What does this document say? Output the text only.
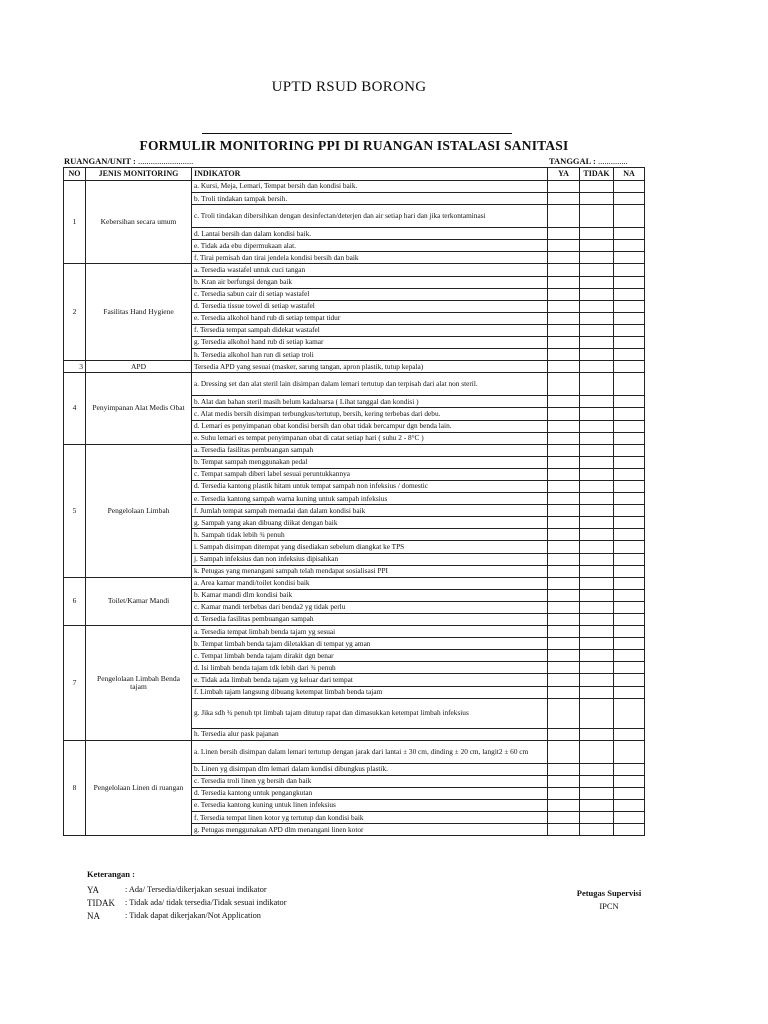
UPTD RSUD BORONG
FORMULIR MONITORING PPI DI RUANGAN ISTALASI SANITASI
RUANGAN/UNIT : ..........................	TANGGAL : ..............
NO	JENIS MONITORING	INDIKATOR	YA	TIDAK	NA
1	Kebersihan secara umum	a. Kursi, Meja, Lemari, Tempat bersih dan kondisi baik.			
		b. Troli tindakan tampak bersih.			
		c. Troli tindakan dibersihkan dengan desinfectan/deterjen dan air setiap hari dan jika terkontaminasi			
		d. Lantai bersih dan dalam kondisi baik.			
		e. Tidak ada ebu dipermukaan alat.			
		f. Tirai pemisah dan tirai jendela kondisi bersih dan baik			
2	Fasilitas Hand Hygiene	a. Tersedia wastafel untuk cuci tangan			
		b. Kran air berfungsi dengan baik			
		c. Tersedia sabun cair di setiap wastafel			
		d. Tersedia tissue towel di setiap wastafel			
		e. Tersedia alkohol hand rub di setiap tempat tidur			
		f. Tersedia tempat sampah didekat wastafel			
		g. Tersedia alkohol hand rub di setiap kamar			
		h. Tersedia alkohol han run di setiap troli			
3	APD	Tersedia APD yang sesuai (masker, sarung tangan, apron plastik, tutup kepala)			
4	Penyimpanan Alat Medis Obat	a. Dressing set dan alat steril lain disimpan dalam lemari tertutup dan terpisah dari alat non steril.			
		b. Alat dan bahan steril masih belum kadaluarsa ( Lihat tanggal dan kondisi )			
		c. Alat medis bersih disimpan terbungkus/tertutup, bersih, kering terbebas dari debu.			
		d. Lemari es penyimpanan obat kondisi bersih dan obat tidak bercampur dgn benda lain.			
		e. Suhu lemari es tempat penyimpanan obat di catat setiap hari ( suhu 2 - 8°C )			
5	Pengelolaan Limbah	a. Tersedia fasilitas pembuangan sampah			
		b. Tempat sampah menggunakan pedal			
		c. Tempat sampah diberi label sesuai peruntukkannya			
		d. Tersedia kantong plastik hitam untuk tempat sampah non infeksius / domestic			
		e. Tersedia kantong sampah warna kuning untuk sampah infeksius			
		f. Jumlah tempat sampah memadai dan dalam kondisi baik			
		g. Sampah yang akan dibuang diikat dengan baik			
		h. Sampah tidak lebih ¾ penuh			
		i. Sampah disimpan ditempat yang disediakan sebelum diangkat ke TPS			
		j. Sampah infeksius dan non infeksius dipisahkan			
		k. Petugas yang menangani sampah telah mendapat sosialisasi PPI			
6	Toilet/Kamar Mandi	a. Area kamar mandi/toilet kondisi baik			
		b. Kamar mandi dlm kondisi baik			
		c. Kamar mandi terbebas dari benda2 yg tidak perlu			
		d. Tersedia fasilitas pembuangan sampah			
7	Pengelolaan Limbah Benda tajam	a. Tersedia tempat limbah benda tajam yg sesuai			
		b. Tempat limbah benda tajam diletakkan di tempat yg aman			
		c. Tempat limbah benda tajam dirakit dgn benar			
		d. Isi limbah benda tajam tdk lebih dari ¾ penuh			
		e. Tidak ada limbah benda tajam yg keluar dari tempat			
		f. Limbah tajam langsung dibuang ketempat limbah benda tajam			
		g. Jika sdh ¾ penuh tpt limbah tajam ditutup rapat dan dimasukkan ketempat limbah infeksius			
		h. Tersedia alur pask pajanan			
8	Pengelolaan Linen di ruangan	a. Linen bersih disimpan dalam lemari tertutup dengan jarak dari lantai ± 30 cm, dinding ± 20 cm, langit2 ± 60 cm			
		b. Linen yg disimpan dlm lemari dalam kondisi dibungkus plastik.			
		c. Tersedia troli linen yg bersih dan baik			
		d. Tersedia kantong untuk pengangkutan			
		e. Tersedia kantong kuning untuk linen infeksius			
		f. Tersedia tempat linen kotor yg tertutup dan kondisi baik			
		g. Petugas menggunakan APD dlm menangani linen kotor			
Keterangan :
YA	: Ada/ Tersedia/dikerjakan sesuai indikator
TIDAK	: Tidak ada/ tidak tersedia/Tidak sesuai indikator
NA	: Tidak dapat dikerjakan/Not Application
Petugas Supervisi
IPCN
